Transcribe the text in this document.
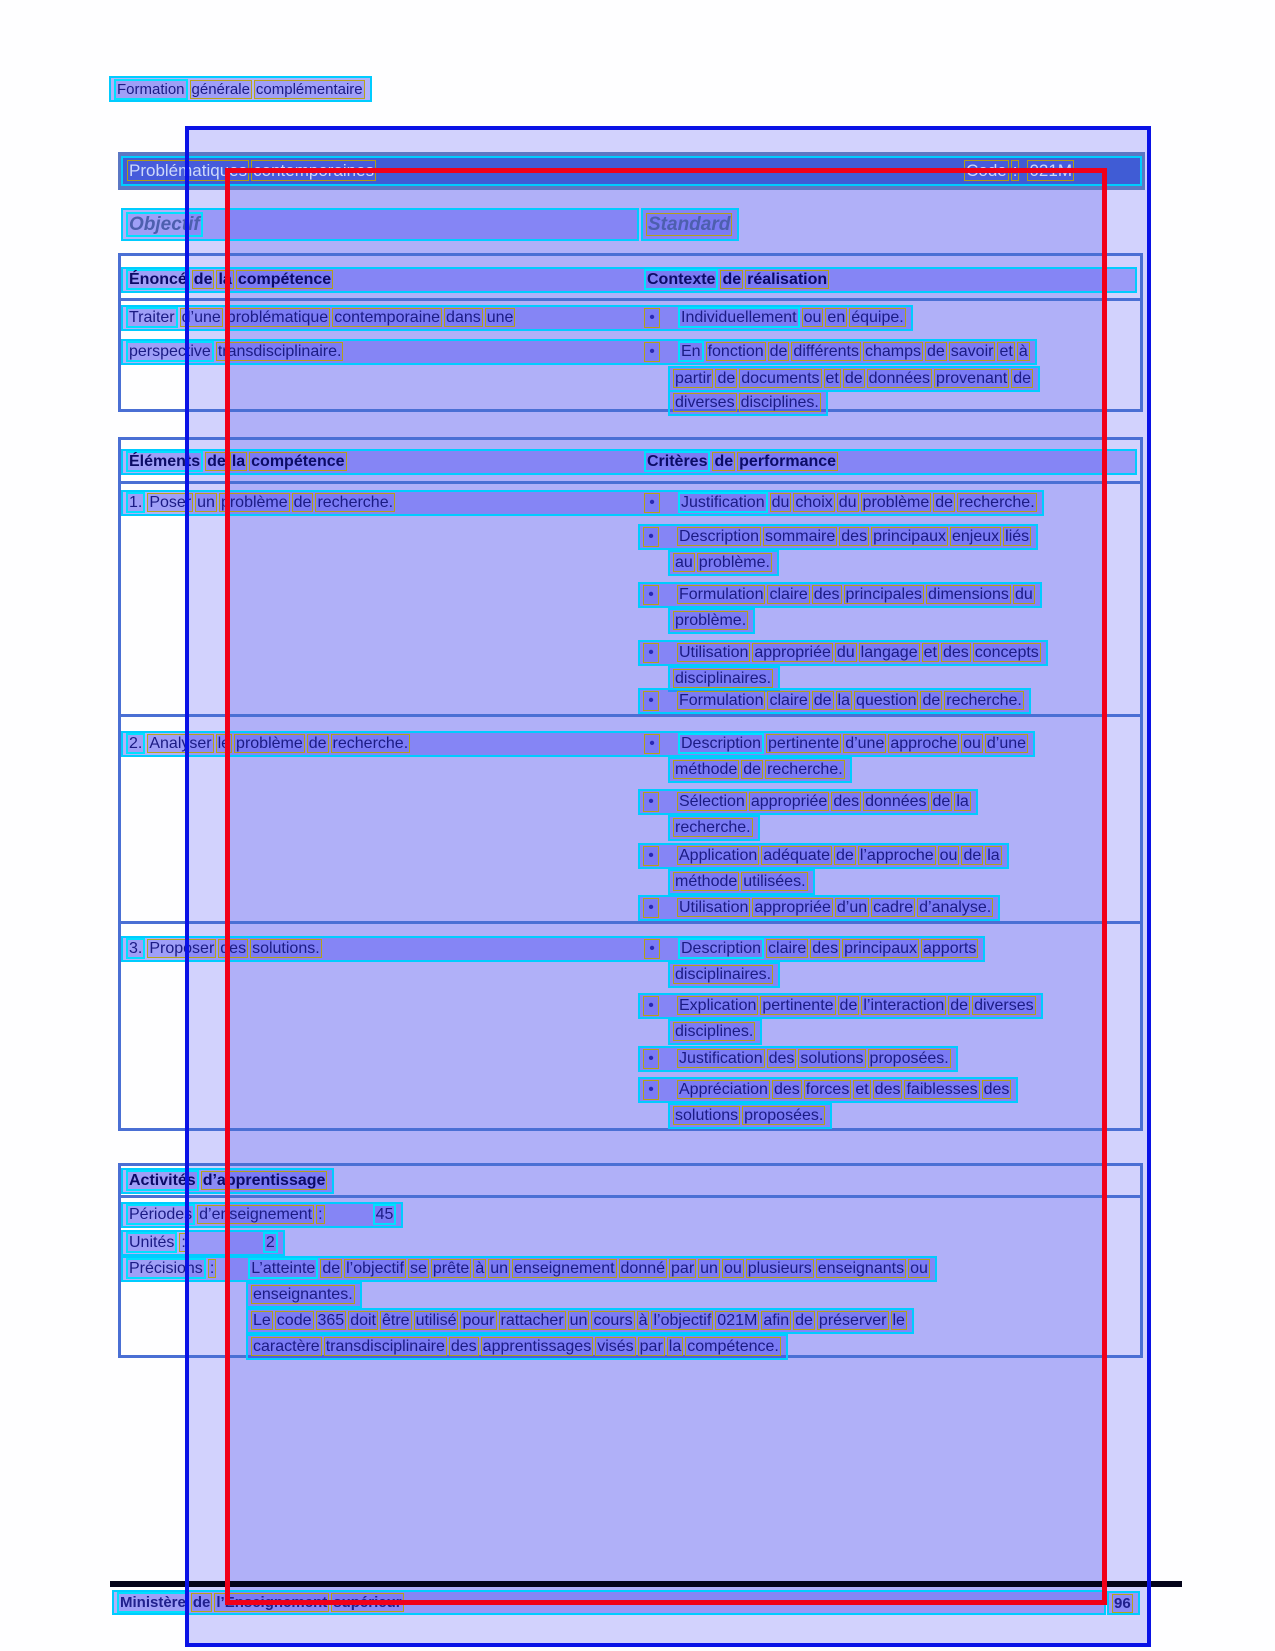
Formation générale complémentaire
Problématiques contemporaines	Code : 021M
Objectif	Standard
Énoncé de la compétence	Contexte de réalisation
Traiter d’une problématique contemporaine dans une •	Individuellement ou en équipe.
perspective transdisciplinaire. •	En fonction de différents champs de savoir et à
partir de documents et de données provenant de
diverses disciplines.
Éléments de la compétence	Critères de performance
1. Poser un problème de recherche. •	Justification du choix du problème de recherche.
•
Description sommaire des principaux enjeux liés
au problème.
•
Formulation claire des principales dimensions du
problème.
•
Utilisation appropriée du langage et des concepts
disciplinaires.
•
Formulation claire de la question de recherche.
2. Analyser le problème de recherche. •	Description pertinente d’une approche ou d’une
méthode de recherche.
•
Sélection appropriée des données de la
recherche.
•
Application adéquate de l’approche ou de la
méthode utilisées.
•
Utilisation appropriée d’un cadre d’analyse.
3. Proposer des solutions. •	Description claire des principaux apports
disciplinaires.
•
Explication pertinente de l’interaction de diverses
disciplines.
•
Justification des solutions proposées.
•
Appréciation des forces et des faiblesses des
solutions proposées.
Activités d’apprentissage
Périodes d’enseignement :	45
Unités :	2
Précisions : L’atteinte de l’objectif se prête à un enseignement donné par un ou plusieurs enseignants ou
enseignantes.
Le code 365 doit être utilisé pour rattacher un cours à l’objectif 021M afin de préserver le
caractère transdisciplinaire des apprentissages visés par la compétence.
Ministère de l’Enseignement supérieur	96
